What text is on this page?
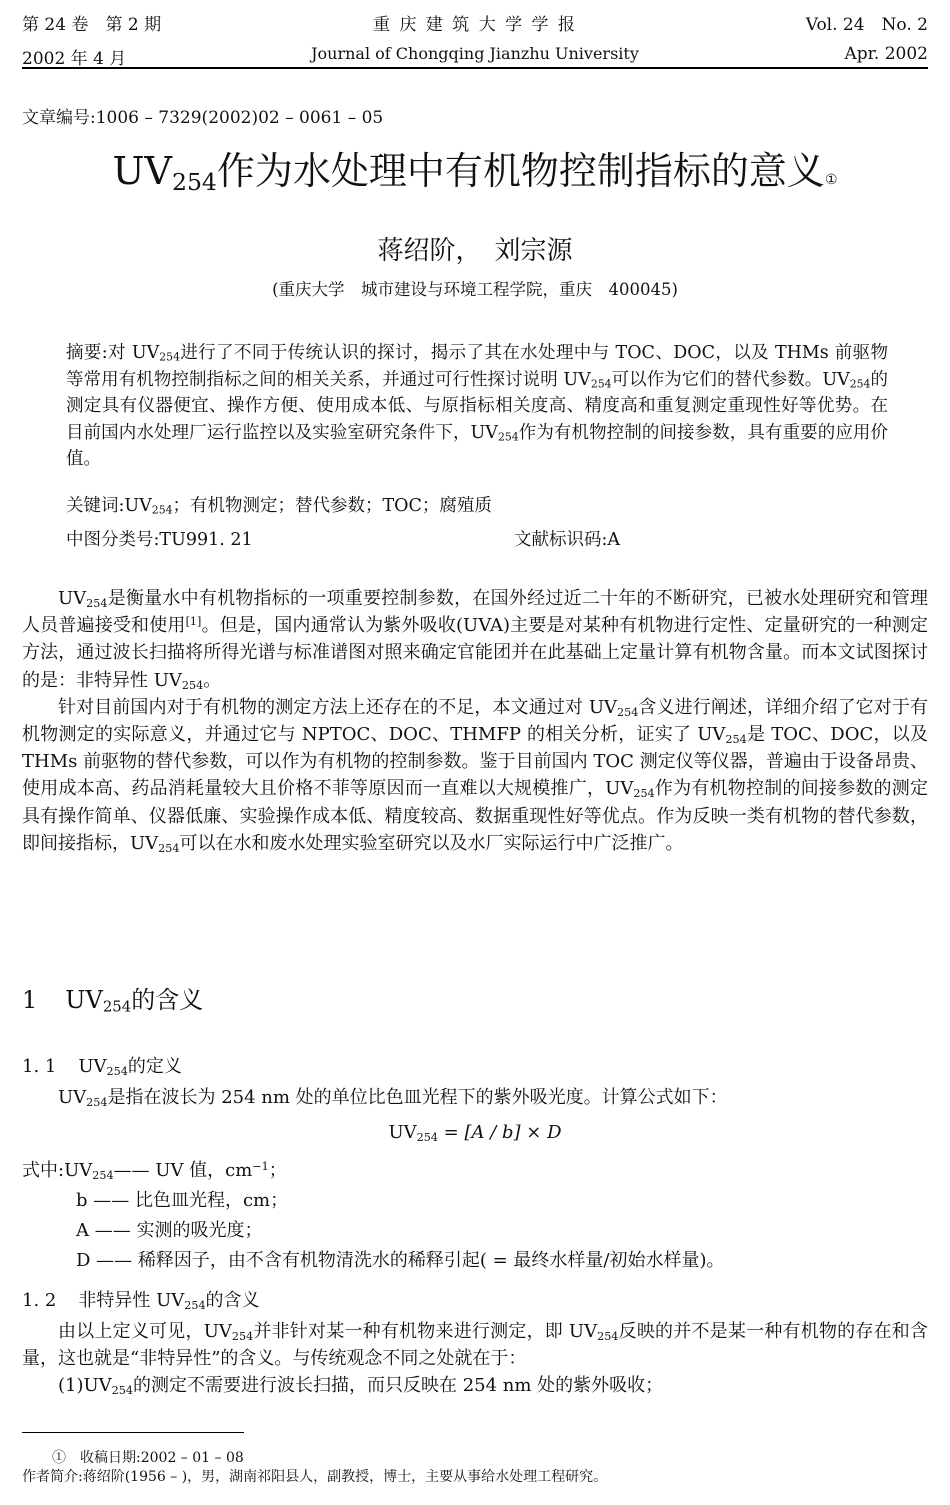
第 24 卷　第 2 期
2002 年 4 月
重 庆 建 筑 大 学 学 报
Journal of Chongqing Jianzhu University
Vol. 24　No. 2
Apr. 2002
文章编号:1006 – 7329(2002)02 – 0061 – 05
$UV_{254}$作为水处理中有机物控制指标的意义①
蒋绍阶，　刘宗源
(重庆大学　城市建设与环境工程学院，重庆　400045)
摘要:对 $UV_{254}$进行了不同于传统认识的探讨，揭示了其在水处理中与 TOC、DOC，以及 THMs 前驱物等常用有机物控制指标之间的相关关系，并通过可行性探讨说明 $UV_{254}$可以作为它们的替代参数。$UV_{254}$的测定具有仪器便宜、操作方便、使用成本低、与原指标相关度高、精度高和重复测定重现性好等优势。在目前国内水处理厂运行监控以及实验室研究条件下，$UV_{254}$作为有机物控制的间接参数，具有重要的应用价值。
关键词$:UV_{254}$；有机物测定；替代参数；TOC；腐殖质
中图分类号:TU991. 21	文献标识码:A

$UV_{254}$是衡量水中有机物指标的一项重要控制参数，在国外经过近二十年的不断研究，已被水处理研究和管理人员普遍接受和使用[1]。但是，国内通常认为紫外吸收(UVA)主要是对某种有机物进行定性、定量研究的一种测定方法，通过波长扫描将所得光谱与标准谱图对照来确定官能团并在此基础上定量计算有机物含量。而本文试图探讨的是：非特异性 $UV_{254}$。

针对目前国内对于有机物的测定方法上还存在的不足，本文通过对 $UV_{254}$含义进行阐述，详细介绍了它对于有机物测定的实际意义，并通过它与 NPTOC、DOC、THMFP 的相关分析，证实了 $UV_{254}$是 TOC、DOC，以及 THMs 前驱物的替代参数，可以作为有机物的控制参数。鉴于目前国内 TOC 测定仪等仪器，普遍由于设备昂贵、使用成本高、药品消耗量较大且价格不菲等原因而一直难以大规模推广，$UV_{254}$作为有机物控制的间接参数的测定具有操作简单、仪器低廉、实验操作成本低、精度较高、数据重现性好等优点。作为反映一类有机物的替代参数，即间接指标，$UV_{254}$可以在水和废水处理实验室研究以及水厂实际运行中广泛推广。

1 $UV_{254}$的含义
1. 1 $UV_{254}$的定义

$UV_{254}$是指在波长为 254 nm 处的单位比色皿光程下的紫外吸光度。计算公式如下：

$UV_{254} = [A / b] \times D$
式中$:UV_{254}——$ UV 值，$cm^{-1}$；
b —— 比色皿光程，cm；
A —— 实测的吸光度；
D —— 稀释因子，由不含有机物清洗水的稀释引起( = 最终水样量/初始水样量)。
1. 2 非特异性 $UV_{254}$的含义

由以上定义可见，$UV_{254}$并非针对某一种有机物来进行测定，即 $UV_{254}$反映的并不是某一种有机物的存在和含量，这也就是“非特异性”的含义。与传统观念不同之处就在于：

$(1)UV_{254}$的测定不需要进行波长扫描，而只反映在 254 nm 处的紫外吸收；

①　收稿日期:2002 – 01 – 08
作者简介:蒋绍阶(1956 – )，男，湖南祁阳县人，副教授，博士，主要从事给水处理工程研究。
